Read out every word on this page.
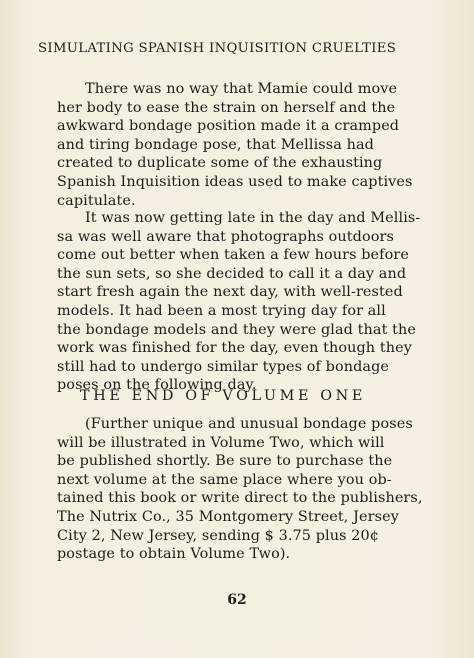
SIMULATING SPANISH INQUISITION CRUELTIES
There was no way that Mamie could move
her body to ease the strain on herself and the
awkward bondage position made it a cramped
and tiring bondage pose, that Mellissa had
created to duplicate some of the exhausting
Spanish Inquisition ideas used to make captives
capitulate.
It was now getting late in the day and Mellis-
sa was well aware that photographs outdoors
come out better when taken a few hours before
the sun sets, so she decided to call it a day and
start fresh again the next day, with well-rested
models. It had been a most trying day for all
the bondage models and they were glad that the
work was finished for the day, even though they
still had to undergo similar types of bondage
poses on the following day.
THE END OF VOLUME ONE
(Further unique and unusual bondage poses
will be illustrated in Volume Two, which will
be published shortly. Be sure to purchase the
next volume at the same place where you ob-
tained this book or write direct to the publishers,
The Nutrix Co., 35 Montgomery Street, Jersey
City 2, New Jersey, sending $ 3.75 plus 20¢
postage to obtain Volume Two).
62
